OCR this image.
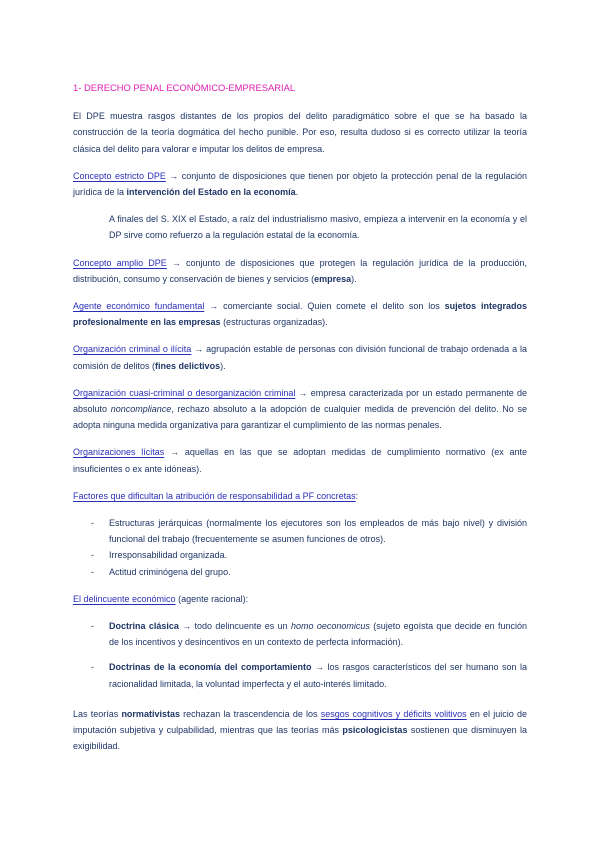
1- DERECHO PENAL ECONÓMICO-EMPRESARIAL

El DPE muestra rasgos distantes de los propios del delito paradigmático sobre el que se ha basado la construcción de la teoría dogmática del hecho punible. Por eso, resulta dudoso si es correcto utilizar la teoría clásica del delito para valorar e imputar los delitos de empresa.

Concepto estricto DPE → conjunto de disposiciones que tienen por objeto la protección penal de la regulación jurídica de la intervención del Estado en la economía.

A finales del S. XIX el Estado, a raíz del industrialismo masivo, empieza a intervenir en la economía y el DP sirve como refuerzo a la regulación estatal de la economía.

Concepto amplio DPE → conjunto de disposiciones que protegen la regulación jurídica de la producción, distribución, consumo y conservación de bienes y servicios (empresa).

Agente económico fundamental → comerciante social. Quien comete el delito son los sujetos integrados profesionalmente en las empresas (estructuras organizadas).

Organización criminal o ilícita → agrupación estable de personas con división funcional de trabajo ordenada a la comisión de delitos (fines delictivos).

Organización cuasi-criminal o desorganización criminal → empresa caracterizada por un estado permanente de absoluto noncompliance, rechazo absoluto a la adopción de cualquier medida de prevención del delito. No se adopta ninguna medida organizativa para garantizar el cumplimiento de las normas penales.

Organizaciones lícitas → aquellas en las que se adoptan medidas de cumplimiento normativo (ex ante insuficientes o ex ante idóneas).

Factores que dificultan la atribución de responsabilidad a PF concretas:

- Estructuras jerárquicas (normalmente los ejecutores son los empleados de más bajo nivel) y división funcional del trabajo (frecuentemente se asumen funciones de otros).
- Irresponsabilidad organizada.
- Actitud criminógena del grupo.

El delincuente económico (agente racional):

- Doctrina clásica → todo delincuente es un homo oeconomicus (sujeto egoísta que decide en función de los incentivos y desincentivos en un contexto de perfecta información).
- Doctrinas de la economía del comportamiento → los rasgos característicos del ser humano son la racionalidad limitada, la voluntad imperfecta y el auto-interés limitado.

Las teorías normativistas rechazan la trascendencia de los sesgos cognitivos y déficits volitivos en el juicio de imputación subjetiva y culpabilidad, mientras que las teorías más psicologicistas sostienen que disminuyen la exigibilidad.
